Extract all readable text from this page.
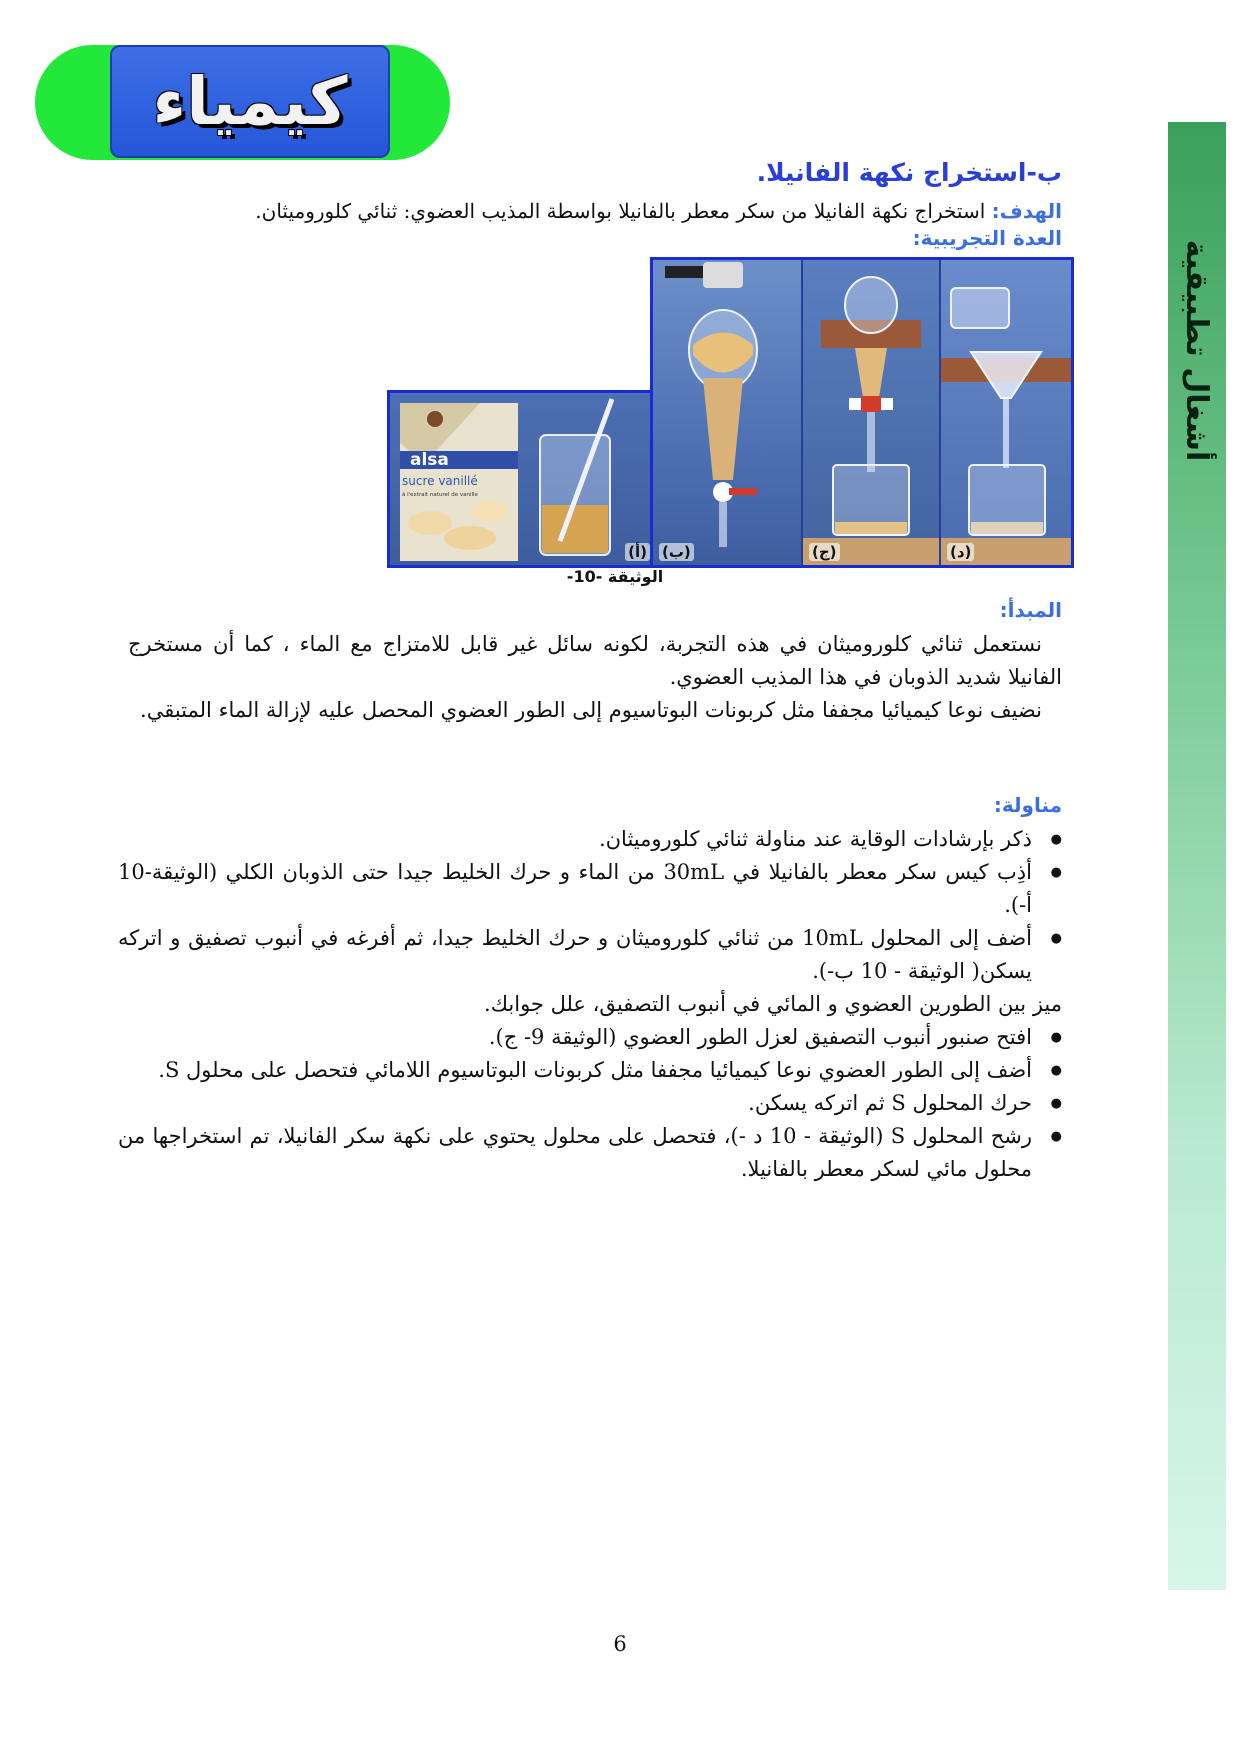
كيمياء
أشغال تطبيقية
ب-استخراج نكهة الفانيلا.
الهدف: استخراج نكهة الفانيلا من سكر معطر بالفانيلا بواسطة المذيب العضوي: ثنائي كلوروميثان.
العدة التجريبية:
alsa
sucre vanillé
à l'extrait naturel de vanille
(أ) (ب)	(ج)	(د)
الوثيقة -10-
المبدأ:
نستعمل ثنائي كلوروميثان في هذه التجربة، لكونه سائل غير قابل للامتزاج مع الماء ، كما أن مستخرج الفانيلا شديد الذوبان في هذا المذيب العضوي.
نضيف نوعا كيميائيا مجففا مثل كربونات البوتاسيوم إلى الطور العضوي المحصل عليه لإزالة الماء المتبقي.
مناولة:
● ذكر بإرشادات الوقاية عند مناولة ثنائي كلوروميثان.
● أذِب كيس سكر معطر بالفانيلا في 30mL من الماء و حرك الخليط جيدا حتى الذوبان الكلي (الوثيقة-10 أ-).
● أضف إلى المحلول 10mL من ثنائي كلوروميثان و حرك الخليط جيدا، ثم أفرغه في أنبوب تصفيق و اتركه يسكن( الوثيقة - 10 ب-).
ميز بين الطورين العضوي و المائي في أنبوب التصفيق، علل جوابك.
● افتح صنبور أنبوب التصفيق لعزل الطور العضوي (الوثيقة 9- ج).
● أضف إلى الطور العضوي نوعا كيميائيا مجففا مثل كربونات البوتاسيوم اللامائي فتحصل على محلول S.
● حرك المحلول S ثم اتركه يسكن.
● رشح المحلول S (الوثيقة - 10 د -)، فتحصل على محلول يحتوي على نكهة سكر الفانيلا، تم استخراجها من محلول مائي لسكر معطر بالفانيلا.
6
